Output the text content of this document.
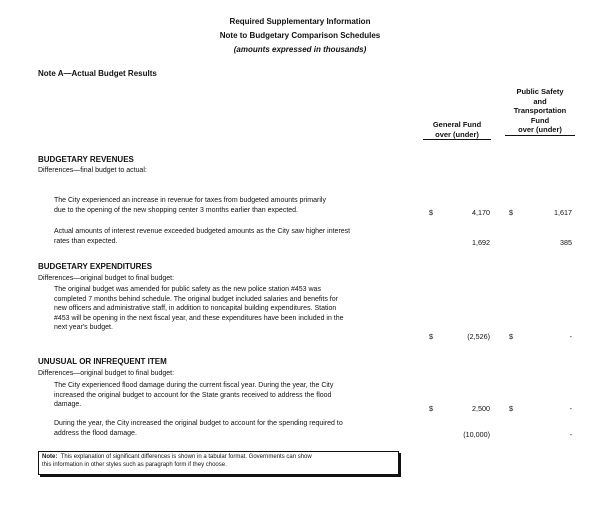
Required Supplementary Information
Note to Budgetary Comparison Schedules
(amounts expressed in thousands)
Note A—Actual Budget Results
General Fund
over (under)
Public Safety
and
Transportation
Fund
over (under)
BUDGETARY REVENUES
Differences—final budget to actual:
The City experienced an increase in revenue for taxes from budgeted amounts primarily
due to the opening of the new shopping center 3 months earlier than expected.	$	4,170	$	1,617
Actual amounts of interest revenue exceeded budgeted amounts as the City saw higher interest
rates than expected.	1,692	385
BUDGETARY EXPENDITURES
Differences—original budget to final budget:
The original budget was amended for public safety as the new police station #453 was
completed 7 months behind schedule. The original budget included salaries and benefits for
new officers and administrative staff, in addition to noncapital building expenditures. Station
#453 will be opening in the next fiscal year, and these expenditures have been included in the
next year's budget.
$	(2,526)	$	-
UNUSUAL OR INFREQUENT ITEM
Differences—original budget to final budget:
The City experienced flood damage during the current fiscal year. During the year, the City
increased the original budget to account for the State grants received to address the flood
damage.	$	2,500	$	-
During the year, the City increased the original budget to account for the spending required to
address the flood damage.	(10,000)	-
Note: This explanation of significant differences is shown in a tabular format. Governments can show
this information in other styles such as paragraph form if they choose.
